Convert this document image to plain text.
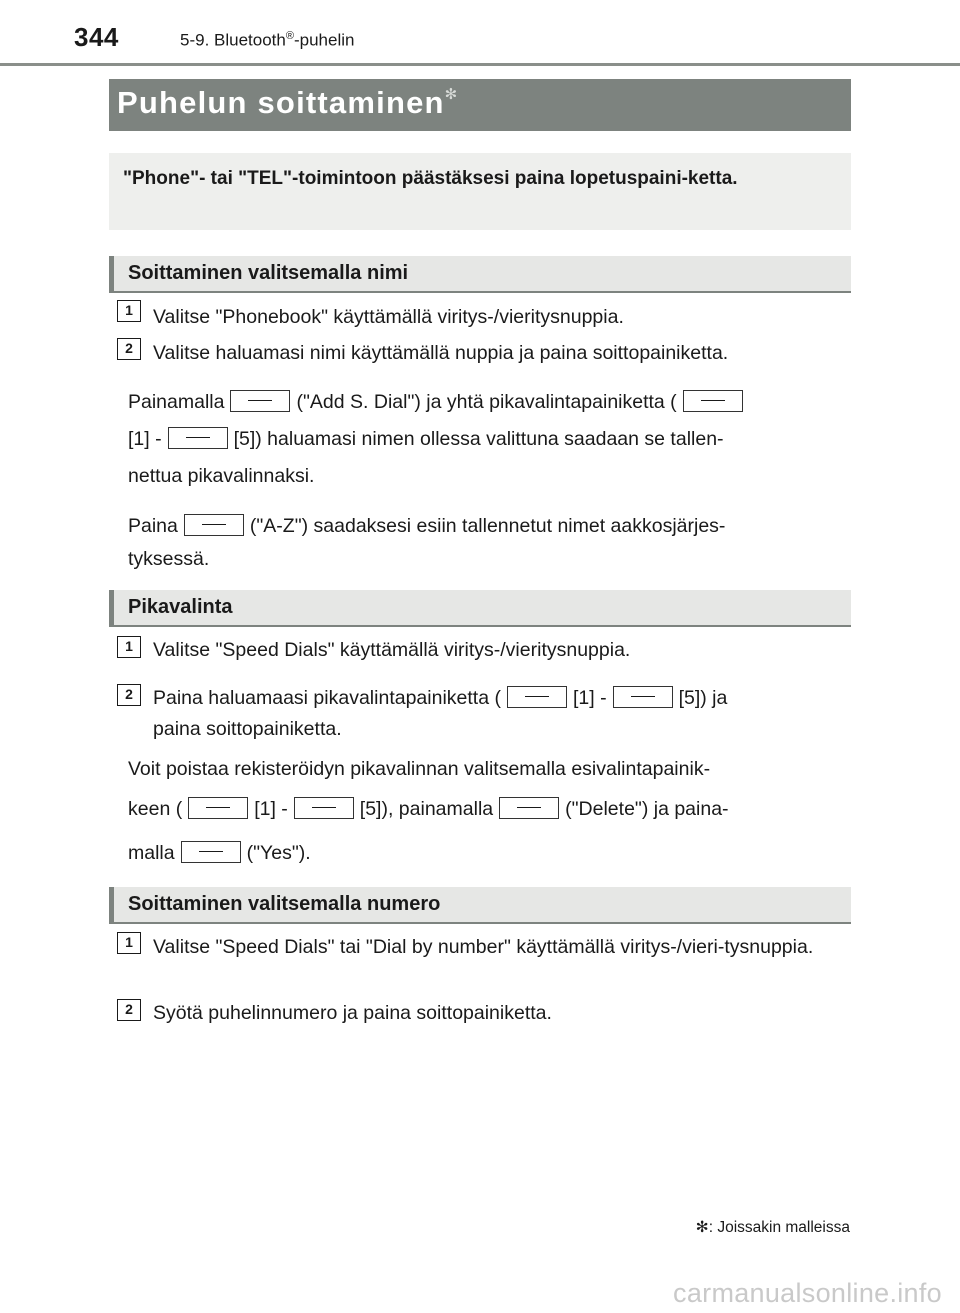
344	5-9. Bluetooth®-puhelin
Puhelun soittaminen✻
"Phone"- tai "TEL"-toimintoon päästäksesi paina lopetuspaini-ketta.
Soittaminen valitsemalla nimi
1	Valitse "Phonebook" käyttämällä viritys-/vieritysnuppia.
2	Valitse haluamasi nimi käyttämällä nuppia ja paina soittopainiketta.
Painamalla	("Add S. Dial") ja yhtä pikavalintapainiketta (
[1] -	[5]) haluamasi nimen ollessa valittuna saadaan se tallen-
nettua pikavalinnaksi.
Paina	("A-Z") saadaksesi esiin tallennetut nimet aakkosjärjes-
tyksessä.
Pikavalinta
1	Valitse "Speed Dials" käyttämällä viritys-/vieritysnuppia.
2	Paina haluamaasi pikavalintapainiketta (	[1] -	[5]) ja
paina soittopainiketta.
Voit poistaa rekisteröidyn pikavalinnan valitsemalla esivalintapainik-
keen (	[1] -	[5]), painamalla	("Delete") ja paina-
malla	("Yes").
Soittaminen valitsemalla numero
1	Valitse "Speed Dials" tai "Dial by number" käyttämällä viritys-/vieri-tysnuppia.
2	Syötä puhelinnumero ja paina soittopainiketta.
✻: Joissakin malleissa
carmanualsonline.info
